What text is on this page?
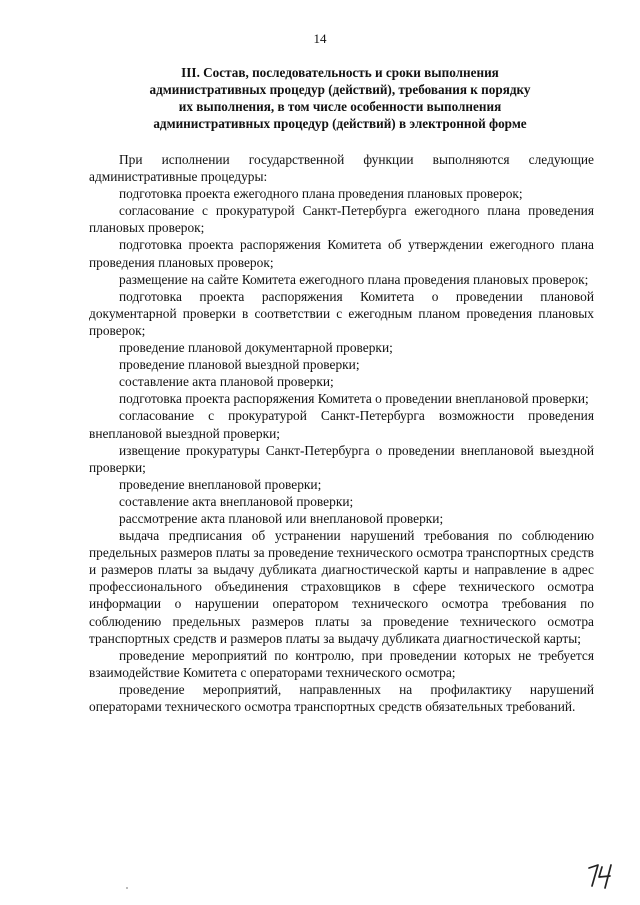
14
III. Состав, последовательность и сроки выполнения
административных процедур (действий), требования к порядку
их выполнения, в том числе особенности выполнения
административных процедур (действий) в электронной форме

При исполнении государственной функции выполняются следующие административные процедуры:

подготовка проекта ежегодного плана проведения плановых проверок;

согласование с прокуратурой Санкт-Петербурга ежегодного плана проведения плановых проверок;

подготовка проекта распоряжения Комитета об утверждении ежегодного плана проведения плановых проверок;

размещение на сайте Комитета ежегодного плана проведения плановых проверок;

подготовка проекта распоряжения Комитета о проведении плановой документарной проверки в соответствии с ежегодным планом проведения плановых проверок;

проведение плановой документарной проверки;

проведение плановой выездной проверки;

составление акта плановой проверки;

подготовка проекта распоряжения Комитета о проведении внеплановой проверки;

согласование с прокуратурой Санкт-Петербурга возможности проведения внеплановой выездной проверки;

извещение прокуратуры Санкт-Петербурга о проведении внеплановой выездной проверки;

проведение внеплановой проверки;

составление акта внеплановой проверки;

рассмотрение акта плановой или внеплановой проверки;

выдача предписания об устранении нарушений требования по соблюдению предельных размеров платы за проведение технического осмотра транспортных средств и размеров платы за выдачу дубликата диагностической карты и направление в адрес профессионального объединения страховщиков в сфере технического осмотра информации о нарушении оператором технического осмотра требования по соблюдению предельных размеров платы за проведение технического осмотра транспортных средств и размеров платы за выдачу дубликата диагностической карты;

проведение мероприятий по контролю, при проведении которых не требуется взаимодействие Комитета с операторами технического осмотра;

проведение мероприятий, направленных на профилактику нарушений операторами технического осмотра транспортных средств обязательных требований.
